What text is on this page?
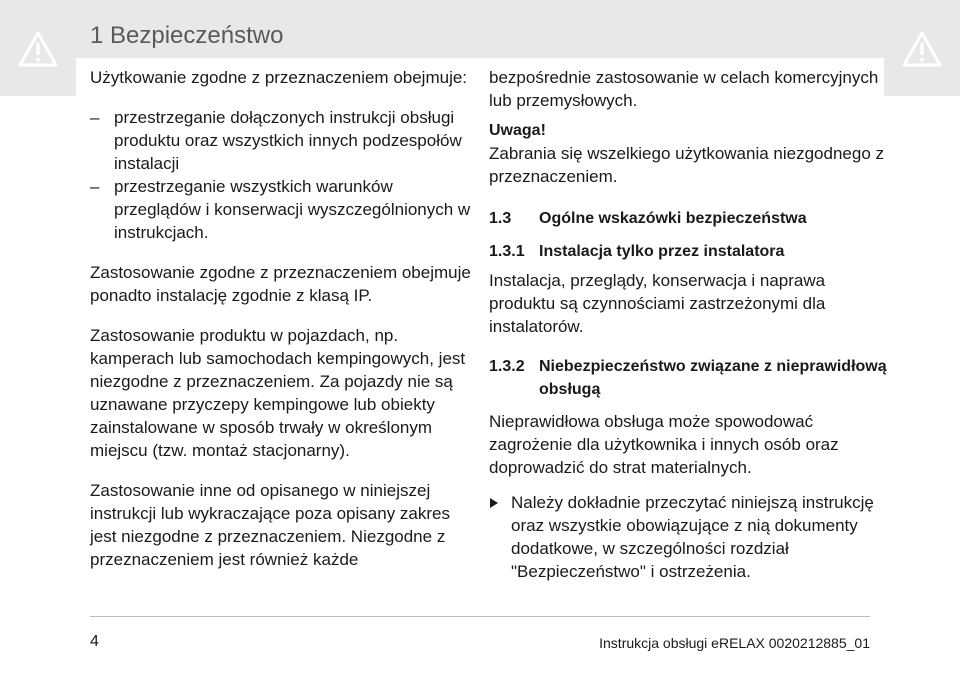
1 Bezpieczeństwo

Użytkowanie zgodne z przeznaczeniem obejmuje:

– przestrzeganie dołączonych instrukcji obsługi produktu oraz wszystkich innych podzespołów instalacji
– przestrzeganie wszystkich warunków przeglądów i konserwacji wyszczególnionych w instrukcjach.

Zastosowanie zgodne z przeznaczeniem obejmuje ponadto instalację zgodnie z klasą IP.

Zastosowanie produktu w pojazdach, np. kamperach lub samochodach kempingowych, jest niezgodne z przeznaczeniem. Za pojazdy nie są uznawane przyczepy kempingowe lub obiekty zainstalowane w sposób trwały w określonym miejscu (tzw. montaż stacjonarny).

Zastosowanie inne od opisanego w niniejszej instrukcji lub wykraczające poza opisany zakres jest niezgodne z przeznaczeniem. Niezgodne z przeznaczeniem jest również każde

bezpośrednie zastosowanie w celach komercyjnych lub przemysłowych.

Uwaga!

Zabrania się wszelkiego użytkowania niezgodnego z przeznaczeniem.

1.3 Ogólne wskazówki bezpieczeństwa
1.3.1 Instalacja tylko przez instalatora

Instalacja, przeglądy, konserwacja i naprawa produktu są czynnościami zastrzeżonymi dla instalatorów.

1.3.2 Niebezpieczeństwo związane z nieprawidłową obsługą

Nieprawidłowa obsługa może spowodować zagrożenie dla użytkownika i innych osób oraz doprowadzić do strat materialnych.

Należy dokładnie przeczytać niniejszą instrukcję oraz wszystkie obowiązujące z nią dokumenty dodatkowe, w szczególności rozdział "Bezpieczeństwo" i ostrzeżenia.
4	Instrukcja obsługi eRELAX 0020212885_01
